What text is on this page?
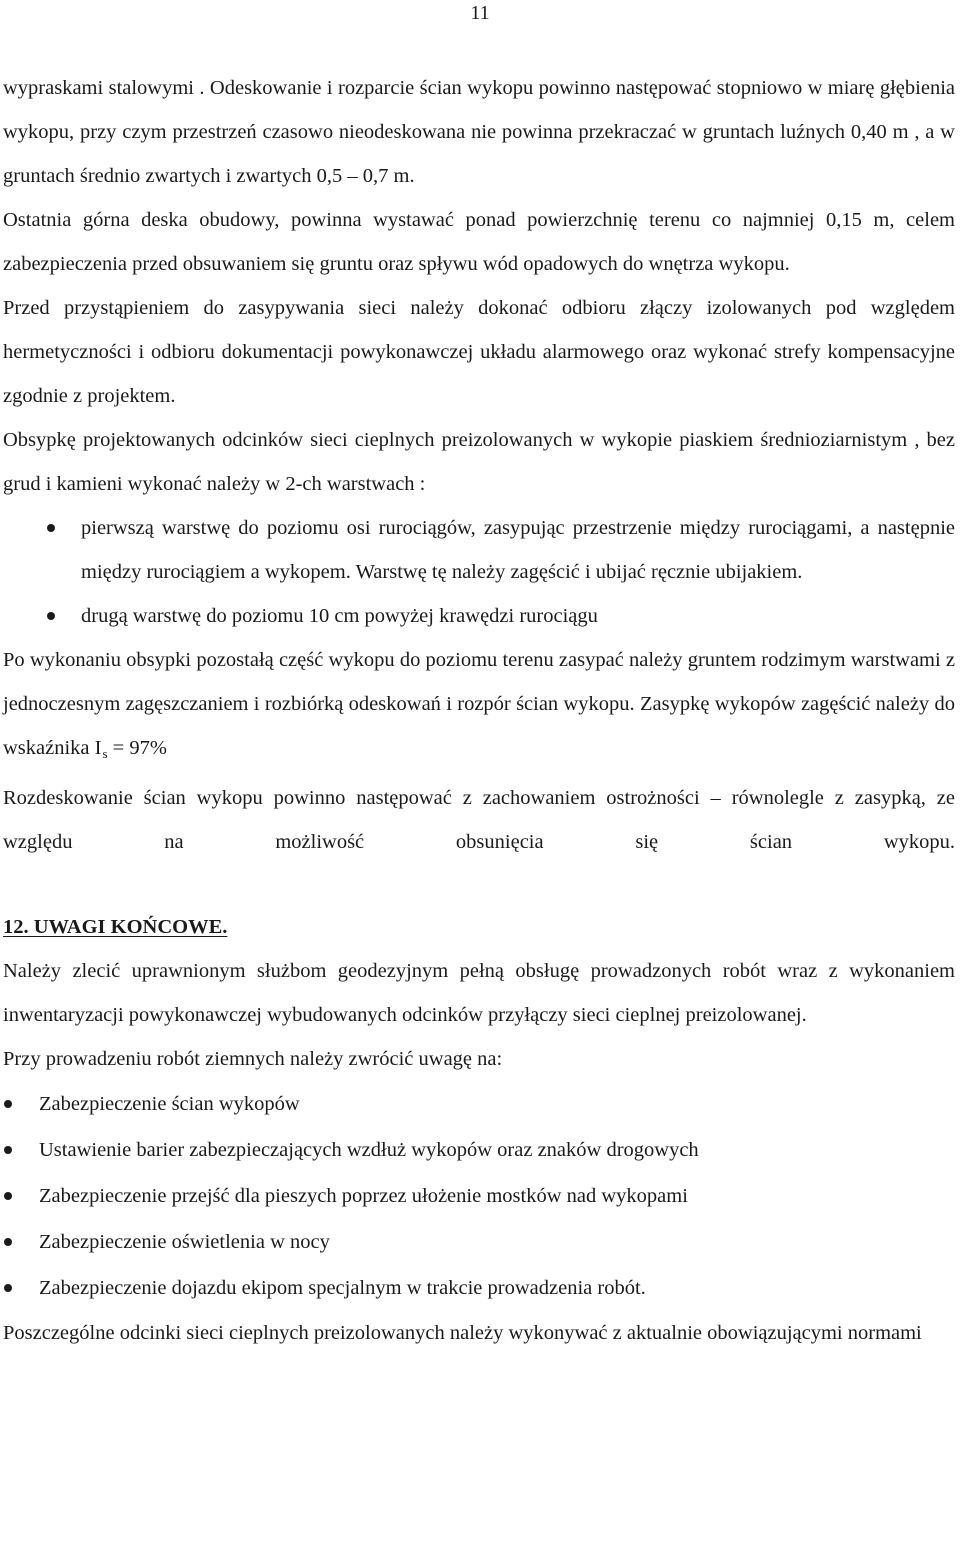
11

wypraskami stalowymi . Odeskowanie i rozparcie ścian wykopu powinno następować stopniowo w miarę głębienia wykopu, przy czym przestrzeń czasowo nieodeskowana nie powinna przekraczać w gruntach luźnych 0,40 m , a w gruntach średnio zwartych i zwartych 0,5 – 0,7 m.

Ostatnia górna deska obudowy, powinna wystawać ponad powierzchnię terenu co najmniej 0,15 m, celem zabezpieczenia przed obsuwaniem się gruntu oraz spływu wód opadowych do wnętrza wykopu.

Przed przystąpieniem do zasypywania sieci należy dokonać odbioru złączy izolowanych pod względem hermetyczności i odbioru dokumentacji powykonawczej układu alarmowego oraz wykonać strefy kompensacyjne zgodnie z projektem.

Obsypkę projektowanych odcinków sieci cieplnych preizolowanych w wykopie piaskiem średnioziarnistym , bez grud i kamieni wykonać należy w 2-ch warstwach :

pierwszą warstwę do poziomu osi rurociągów, zasypując przestrzenie między rurociągami, a następnie między rurociągiem a wykopem. Warstwę tę należy zagęścić i ubijać ręcznie ubijakiem.
drugą warstwę do poziomu 10 cm powyżej krawędzi rurociągu

Po wykonaniu obsypki pozostałą część wykopu do poziomu terenu zasypać należy gruntem rodzimym warstwami z jednoczesnym zagęszczaniem i rozbiórką odeskowań i rozpór ścian wykopu. Zasypkę wykopów zagęścić należy do wskaźnika $I_s = 97\%$

Rozdeskowanie ścian wykopu powinno następować z zachowaniem ostrożności – równolegle z zasypką, ze względu na możliwość obsunięcia się ścian wykopu.

12. UWAGI KOŃCOWE.

Należy zlecić uprawnionym służbom geodezyjnym pełną obsługę prowadzonych robót wraz z wykonaniem inwentaryzacji powykonawczej wybudowanych odcinków przyłączy sieci cieplnej preizolowanej.

Przy prowadzeniu robót ziemnych należy zwrócić uwagę na:

Zabezpieczenie ścian wykopów
Ustawienie barier zabezpieczających wzdłuż wykopów oraz znaków drogowych
Zabezpieczenie przejść dla pieszych poprzez ułożenie mostków nad wykopami
Zabezpieczenie oświetlenia w nocy
Zabezpieczenie dojazdu ekipom specjalnym w trakcie prowadzenia robót.

Poszczególne odcinki sieci cieplnych preizolowanych należy wykonywać z aktualnie obowiązującymi normami
